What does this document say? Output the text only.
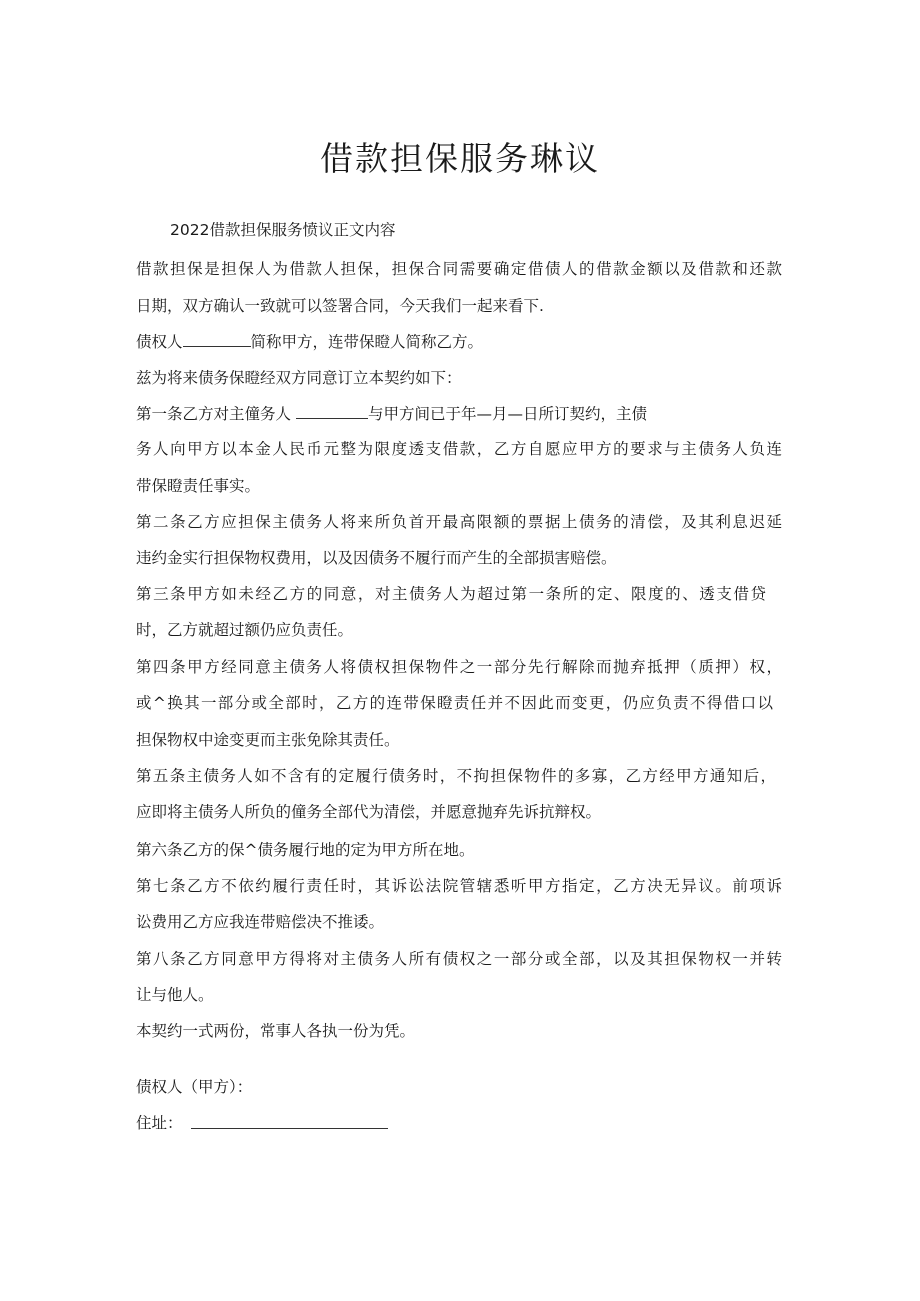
借款担保服务琳议

2022借款担保服务愤议正文内容

借款担保是担保人为借款人担保，担保合同需要确定借债人的借款金额以及借款和还款

日期，双方确认一致就可以签署合同，今天我们一起来看下.

债权人	简称甲方，连带保瞪人简称乙方。

兹为将来债务保瞪经双方同意订立本契约如下：

第一条乙方对主僮务人	与甲方间已于年—月—日所订契约，主债

务人向甲方以本金人民币元整为限度透支借款，乙方自愿应甲方的要求与主债务人负连

带保瞪责任事实。

第二条乙方应担保主债务人将来所负首开最高限额的票据上债务的清偿，及其利息迟延

违约金实行担保物权费用，以及因债务不履行而产生的全部损害赔偿。

第三条甲方如未经乙方的同意，对主债务人为超过第一条所的定、限度的、透支借贷

时，乙方就超过额仍应负责任。

第四条甲方经同意主债务人将债权担保物件之一部分先行解除而抛弃抵押（质押）权，

或^换其一部分或全部时，乙方的连带保瞪责任并不因此而变更，仍应负责不得借口以

担保物权中途变更而主张免除其责任。

第五条主债务人如不含有的定履行债务时，不拘担保物件的多寡，乙方经甲方通知后，

应即将主债务人所负的僮务全部代为清偿，并愿意抛弃先诉抗辩权。

第六条乙方的保^债务履行地的定为甲方所在地。

第七条乙方不依约履行责任时，其诉讼法院管辖悉听甲方指定，乙方决无异议。前项诉

讼费用乙方应我连带赔偿决不推诿。

第八条乙方同意甲方得将对主债务人所有债权之一部分或全部，以及其担保物权一并转

让与他人。

本契约一式两份，常事人各执一份为凭。

债权人（甲方）：

住址：
